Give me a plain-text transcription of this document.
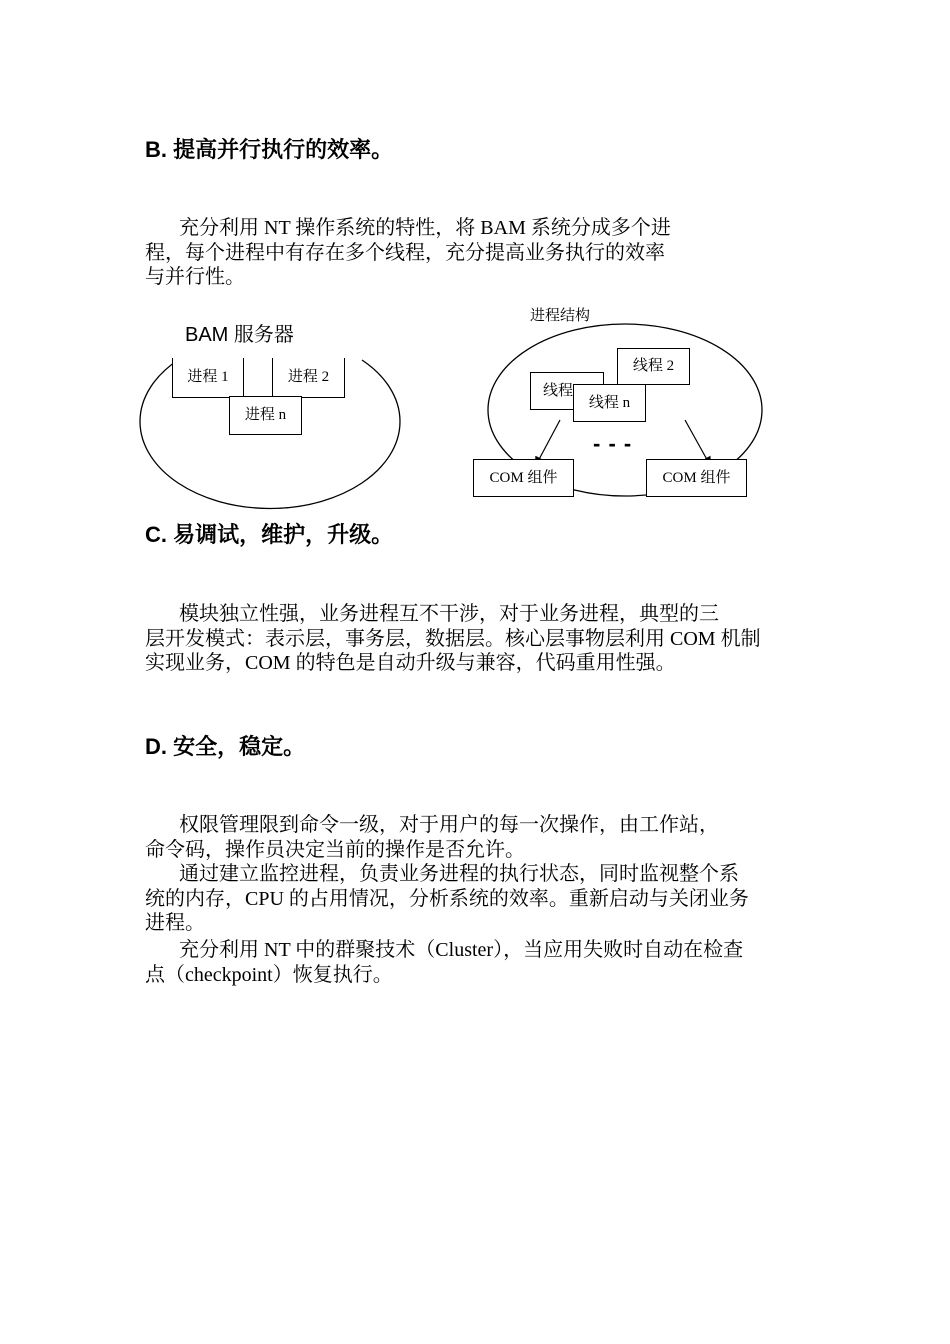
B. 提高并行执行的效率。
充分利用 NT 操作系统的特性，将 BAM 系统分成多个进
程，每个进程中有存在多个线程，充分提高业务执行的效率
与并行性。
BAM 服务器
进程 1	进程 2
进程 n
进程结构
线程 2
线程
线程 n
- - -
COM 组件	COM 组件
C. 易调试，维护，升级。
模块独立性强，业务进程互不干涉，对于业务进程，典型的三
层开发模式：表示层，事务层，数据层。核心层事物层利用 COM 机制
实现业务，COM 的特色是自动升级与兼容，代码重用性强。
D. 安全，稳定。
权限管理限到命令一级，对于用户的每一次操作，由工作站，
命令码，操作员决定当前的操作是否允许。
通过建立监控进程，负责业务进程的执行状态，同时监视整个系
统的内存，CPU 的占用情况，分析系统的效率。重新启动与关闭业务
进程。
充分利用 NT 中的群聚技术（Cluster），当应用失败时自动在检查
点（checkpoint）恢复执行。
